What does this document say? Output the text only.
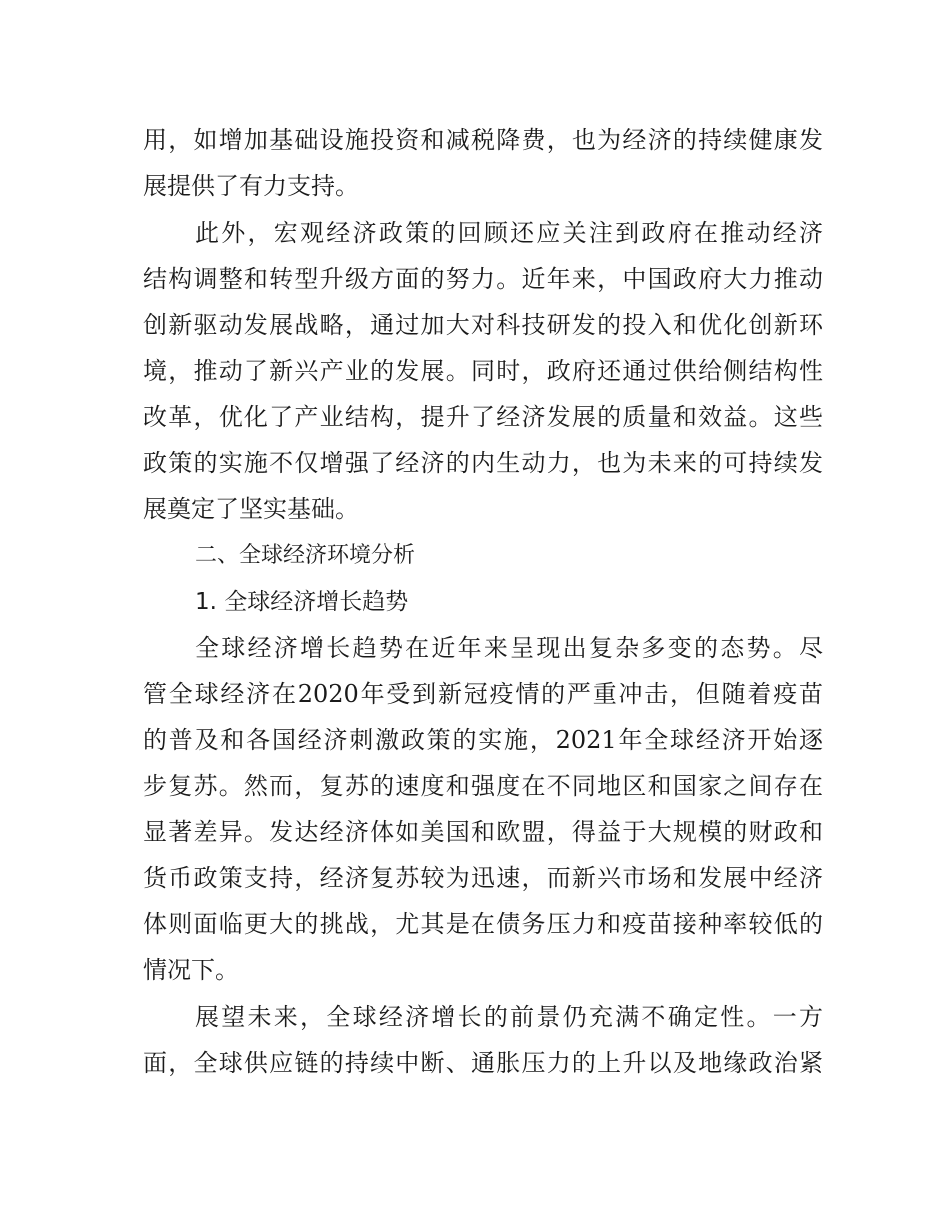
用，如增加基础设施投资和减税降费，也为经济的持续健康发
展提供了有力支持。
此外，宏观经济政策的回顾还应关注到政府在推动经济
结构调整和转型升级方面的努力。近年来，中国政府大力推动
创新驱动发展战略，通过加大对科技研发的投入和优化创新环
境，推动了新兴产业的发展。同时，政府还通过供给侧结构性
改革，优化了产业结构，提升了经济发展的质量和效益。这些
政策的实施不仅增强了经济的内生动力，也为未来的可持续发
展奠定了坚实基础。
二、全球经济环境分析
1. 全球经济增长趋势
全球经济增长趋势在近年来呈现出复杂多变的态势。尽
管全球经济在2020年受到新冠疫情的严重冲击，但随着疫苗
的普及和各国经济刺激政策的实施，2021年全球经济开始逐
步复苏。然而，复苏的速度和强度在不同地区和国家之间存在
显著差异。发达经济体如美国和欧盟，得益于大规模的财政和
货币政策支持，经济复苏较为迅速，而新兴市场和发展中经济
体则面临更大的挑战，尤其是在债务压力和疫苗接种率较低的
情况下。
展望未来，全球经济增长的前景仍充满不确定性。一方
面，全球供应链的持续中断、通胀压力的上升以及地缘政治紧
